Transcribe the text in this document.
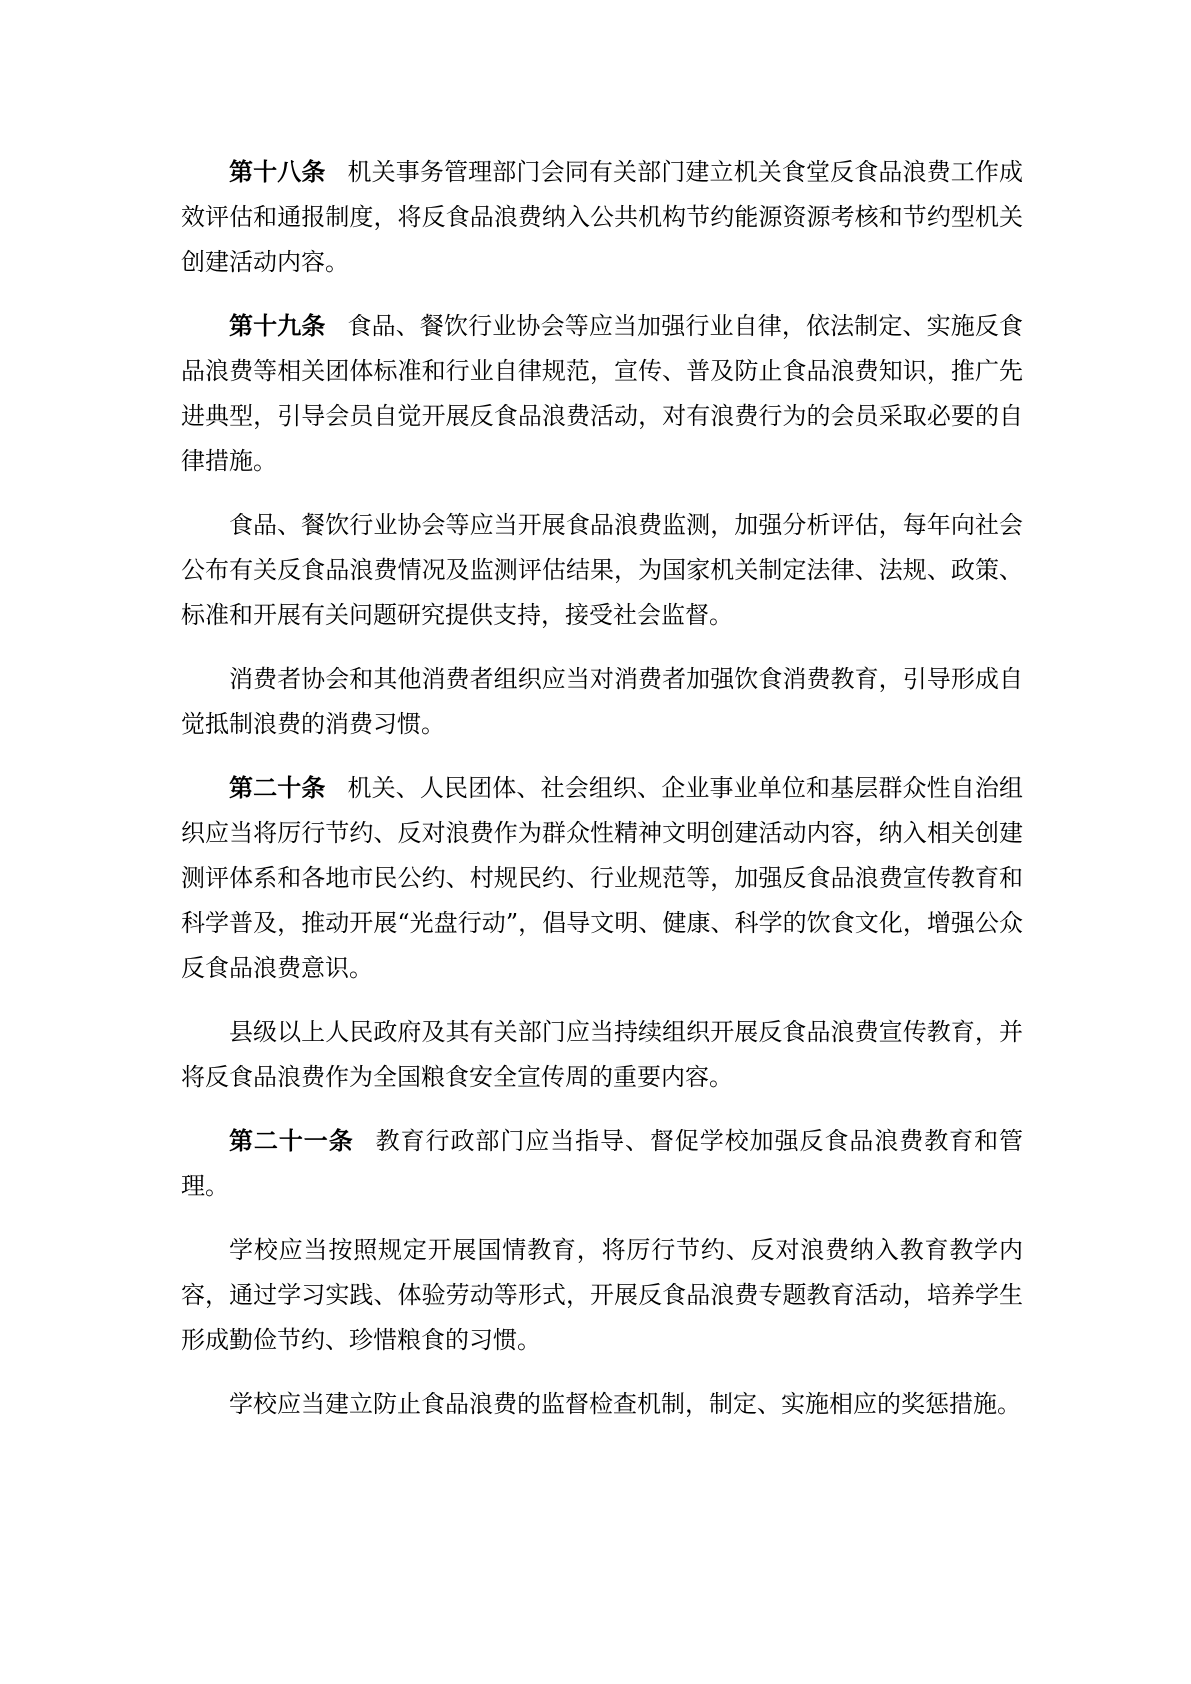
第十八条 机关事务管理部门会同有关部门建立机关食堂反食品浪费工作成效评估和通报制度，将反食品浪费纳入公共机构节约能源资源考核和节约型机关创建活动内容。

第十九条 食品、餐饮行业协会等应当加强行业自律，依法制定、实施反食品浪费等相关团体标准和行业自律规范，宣传、普及防止食品浪费知识，推广先进典型，引导会员自觉开展反食品浪费活动，对有浪费行为的会员采取必要的自律措施。

食品、餐饮行业协会等应当开展食品浪费监测，加强分析评估，每年向社会公布有关反食品浪费情况及监测评估结果，为国家机关制定法律、法规、政策、标准和开展有关问题研究提供支持，接受社会监督。

消费者协会和其他消费者组织应当对消费者加强饮食消费教育，引导形成自觉抵制浪费的消费习惯。

第二十条 机关、人民团体、社会组织、企业事业单位和基层群众性自治组织应当将厉行节约、反对浪费作为群众性精神文明创建活动内容，纳入相关创建测评体系和各地市民公约、村规民约、行业规范等，加强反食品浪费宣传教育和科学普及，推动开展“光盘行动”，倡导文明、健康、科学的饮食文化，增强公众反食品浪费意识。

县级以上人民政府及其有关部门应当持续组织开展反食品浪费宣传教育，并将反食品浪费作为全国粮食安全宣传周的重要内容。

第二十一条 教育行政部门应当指导、督促学校加强反食品浪费教育和管理。

学校应当按照规定开展国情教育，将厉行节约、反对浪费纳入教育教学内容，通过学习实践、体验劳动等形式，开展反食品浪费专题教育活动，培养学生形成勤俭节约、珍惜粮食的习惯。

学校应当建立防止食品浪费的监督检查机制，制定、实施相应的奖惩措施。
